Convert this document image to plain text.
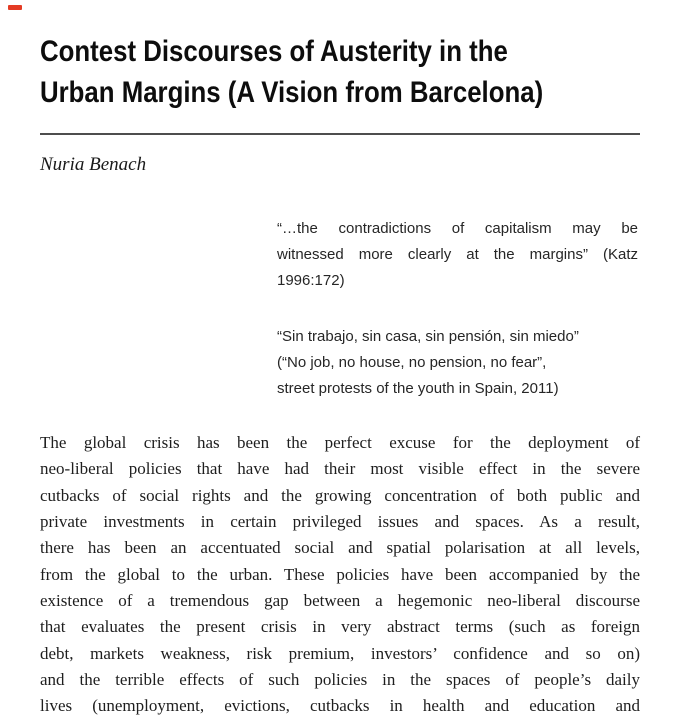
Contest Discourses of Austerity in the
Urban Margins (A Vision from Barcelona)
Nuria Benach
“…the contradictions of capitalism may be
witnessed more clearly at the margins” (Katz
1996:172)
“Sin trabajo, sin casa, sin pensión, sin miedo”
(“No job, no house, no pension, no fear”,
street protests of the youth in Spain, 2011)
The global crisis has been the perfect excuse for the deployment of
neo-liberal policies that have had their most visible effect in the severe
cutbacks of social rights and the growing concentration of both public and
private investments in certain privileged issues and spaces. As a result,
there has been an accentuated social and spatial polarisation at all levels,
from the global to the urban. These policies have been accompanied by the
existence of a tremendous gap between a hegemonic neo-liberal discourse
that evaluates the present crisis in very abstract terms (such as foreign
debt, markets weakness, risk premium, investors’ confidence and so on)
and the terrible effects of such policies in the spaces of people’s daily
lives (unemployment, evictions, cutbacks in health and education and
